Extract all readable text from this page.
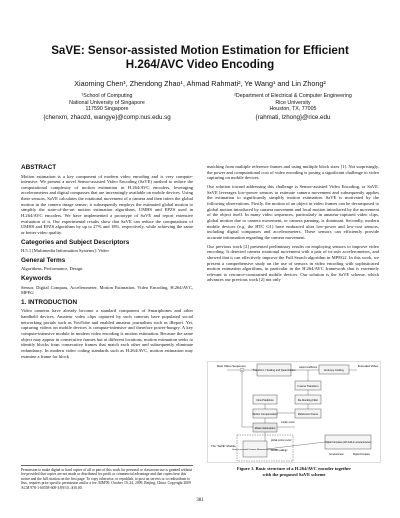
SaVE: Sensor-assisted Motion Estimation for Efficient
H.264/AVC Video Encoding
Xiaoming Chen¹, Zhendong Zhao¹, Ahmad Rahmati², Ye Wang¹ and Lin Zhong²
¹School of Computing
National University of Singapore
117590 Singapore
{chenxm, zhaozd, wangye}@comp.nus.edu.sg
²Department of Electrical & Computer Engineering
Rice University
Houston, TX, 77005
{rahmati, lzhong}@rice.edu
ABSTRACT

Motion estimation is a key component of modern video encoding and is very compute-intensive. We present a novel Sensor-assisted Video Encoding (SaVE) method to reduce the computational complexity of motion estimation in H.264/AVC encoders, leveraging accelerometers and digital compasses that are increasingly available on mobile devices. Using these sensors, SaVE calculates the rotational movement of a camera and then infers the global motion in the camera image sensor; it subsequently employs the estimated global motion to simplify the state-of-the-art motion estimation algorithms, UMHS and EPZS used in H.264/AVC encoders. We have implemented a prototype of SaVE and report extensive evaluation of it. Our experimental results show that SaVE can reduce the computations of UMHS and EPZS algorithms by up to 27% and 18%, respectively, while achieving the same or better video quality.

Categories and Subject Descriptors

H.5.1 [Multimedia Information Systems]: Video

General Terms

Algorithms, Performance, Design

Keywords

Sensor, Digital Compass, Accelerometer, Motion Estimation, Video Encoding, H.264/AVC, MPEG

1. INTRODUCTION

Video cameras have already become a standard component of Smartphones and other handheld devices. Amateur video clips captured by such cameras have populated social networking portals such as YouTube and enabled amateur journalism such as iReport. Yet, capturing videos on mobile devices is compute-intensive and therefore power-hungry. A key compute-intensive module in modern video encoding is motion estimation. Because the same object may appear in consecutive frames but at different locations, motion estimation seeks to identify blocks from consecutive frames that match each other and subsequently eliminate redundancy. In modern video coding standards such as H.264/AVC, motion estimation may examine a frame for block

matching from multiple reference frames and using multiple block sizes [1]. Not surprisingly, the power and computational cost of video encoding is posing a significant challenge to video capturing on mobile devices.

Our solution toward addressing this challenge is Sensor-assisted Video Encoding, or SaVE. SaVE leverages low-power sensors to estimate camera movement and subsequently applies the estimation to significantly simplify motion estimation. SaVE is motivated by the following observations. Firstly, the motion of an object in video frames can be decomposed to global motion introduced by camera movement and local motion introduced by the movement of the object itself. In many video sequences, particularly in amateur-captured video clips, global motion due to camera movement, or camera panning, is dominant. Secondly, modern mobile devices (e.g. the HTC G1) have embraced ultra low-power and low-cost sensors, including digital compasses and accelerometers. These sensors can efficiently provide accurate information regarding the camera movement.

Our previous work [2] presented preliminary results on employing sensors to improve video encoding. It detected camera rotational movement with a pair of tri-axis accelerometers, and showed that it can effectively improve the Full Search algorithm in MPEG2. In this work, we present a comprehensive study on the use of sensors in video encoding with sophisticated motion estimation algorithms, in particular in the H.264/AVC framework that is extremely relevant to resource-constrained mobile devices. Our solution is the SaVE scheme, which advances our previous work [2] not only

Raw Video Sequence
Transform / Scaling and Quantization	Entropy Coding
Encoded Video
output coefficient
Inverse Transform
Intra Prediction	De-blocking Filter
Motion Compensation	Reference Frame
Motion Estimation
motion vector
The "SaVE" Module
Sensor-assisted Camera Movement Estimation
global motion vector
sensor readings
Digital Compass (with built-in accelerometer)
Accelerometer	Digital Compass
+
Figure 1. Basic structure of a H.264/AVC encoder together
with the proposed SaVE scheme
Permission to make digital or hard copies of all or part of this work for personal or classroom use is granted without fee provided that copies are not made or distributed for profit or commercial advantage and that copies bear this notice and the full citation on the first page. To copy otherwise, or republish, to post on servers or to redistribute to lists, requires prior specific permission and/or a fee. MM'09, October 19–24, 2009, Beijing, China. Copyright 2009 ACM 978-1-60558-608-3/09/10...$10.00.
381
